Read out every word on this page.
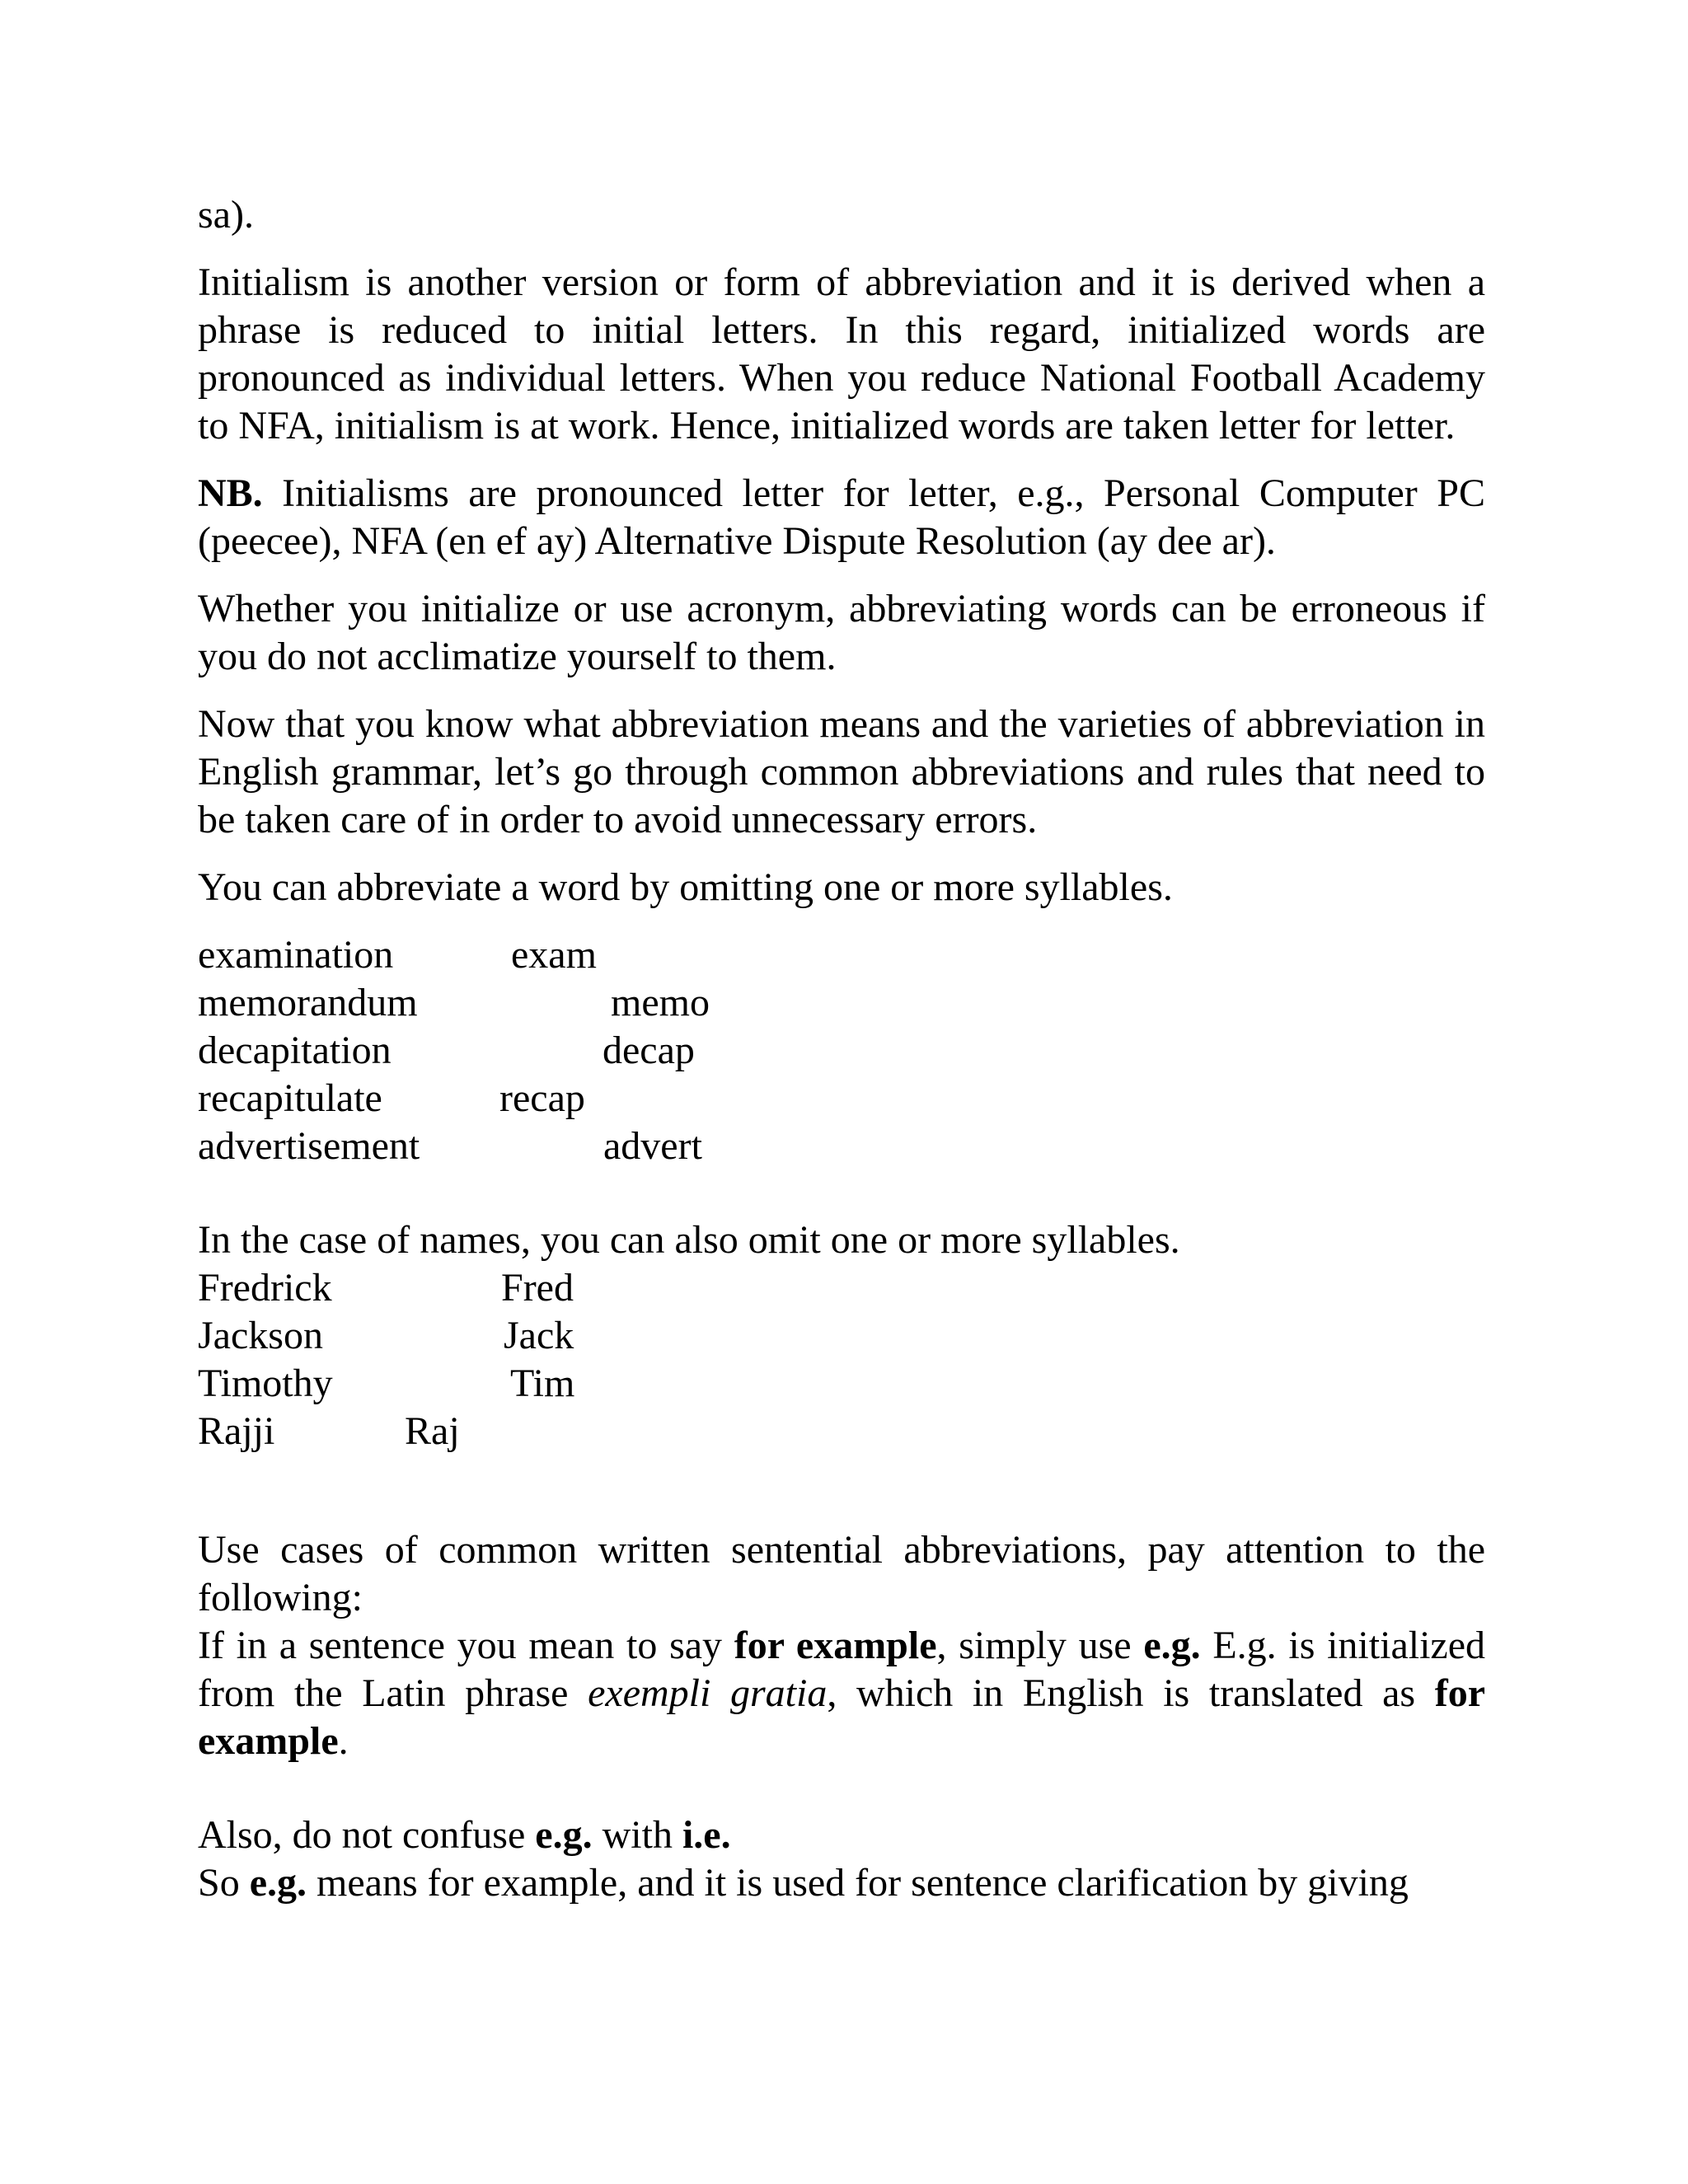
sa).

Initialism is another version or form of abbreviation and it is derived when a phrase is reduced to initial letters. In this regard, initialized words are pronounced as individual letters. When you reduce National Football Academy to NFA, initialism is at work. Hence, initialized words are taken letter for letter.

NB. Initialisms are pronounced letter for letter, e.g., Personal Computer PC (peecee), NFA (en ef ay) Alternative Dispute Resolution (ay dee ar).

Whether you initialize or use acronym, abbreviating words can be erroneous if you do not acclimatize yourself to them.

Now that you know what abbreviation means and the varieties of abbreviation in English grammar, let’s go through common abbreviations and rules that need to be taken care of in order to avoid unnecessary errors.

You can abbreviate a word by omitting one or more syllables.

examination	exam
memorandum	memo
decapitation	decap
recapitulate	recap
advertisement	advert

In the case of names, you can also omit one or more syllables.

Fredrick	Fred
Jackson	Jack
Timothy	Tim
Rajji	Raj

Use cases of common written sentential abbreviations, pay attention to the following:

If in a sentence you mean to say for example, simply use e.g. E.g. is initialized from the Latin phrase exempli gratia, which in English is translated as for example.

Also, do not confuse e.g. with i.e.

So e.g. means for example, and it is used for sentence clarification by giving
